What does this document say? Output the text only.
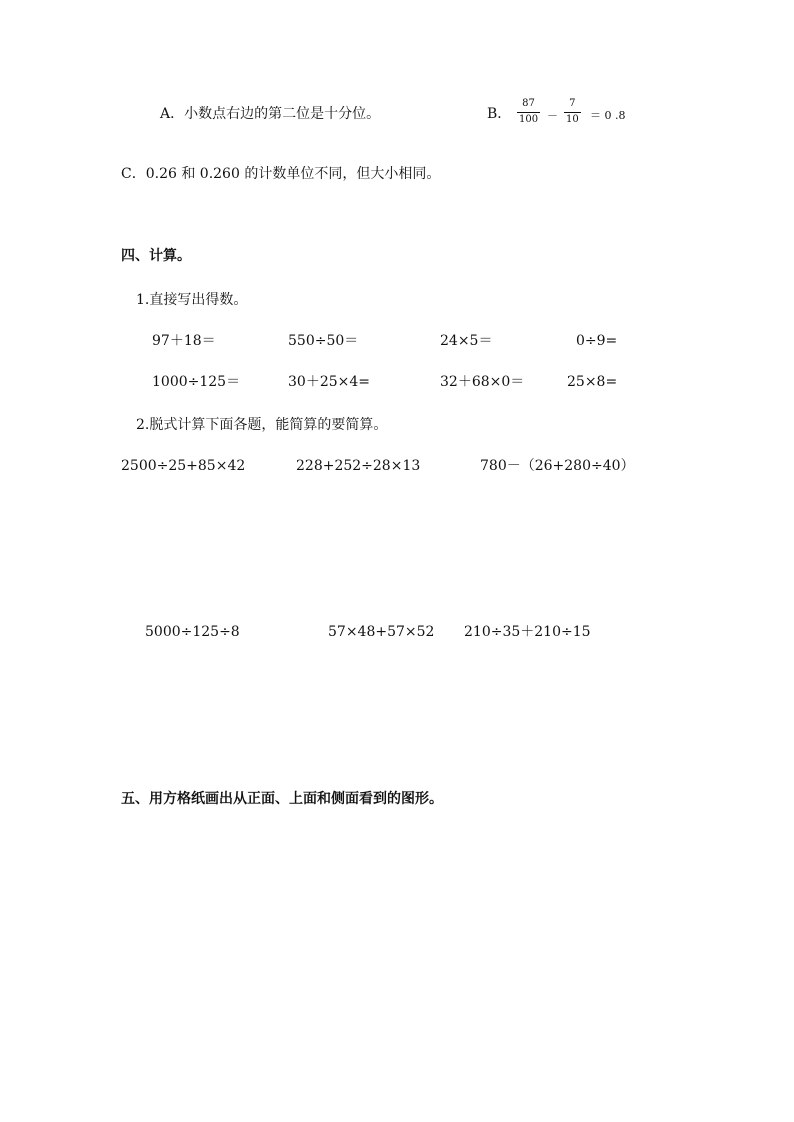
A．小数点右边的第二位是十分位。	B．
87
100 －
7
10 ＝ 0 .8
C．0.26 和 0.260 的计数单位不同，但大小相同。
四、计算。
1.直接写出得数。
97＋18＝	550÷50＝	24×5＝	0÷9=
1000÷125＝	30＋25×4=	32＋68×0＝	25×8=
2.脱式计算下面各题，能简算的要简算。
2500÷25+85×42	228+252÷28×13	780－（26+280÷40）
5000÷125÷8	57×48+57×52 210÷35＋210÷15
五、用方格纸画出从正面、上面和侧面看到的图形。
